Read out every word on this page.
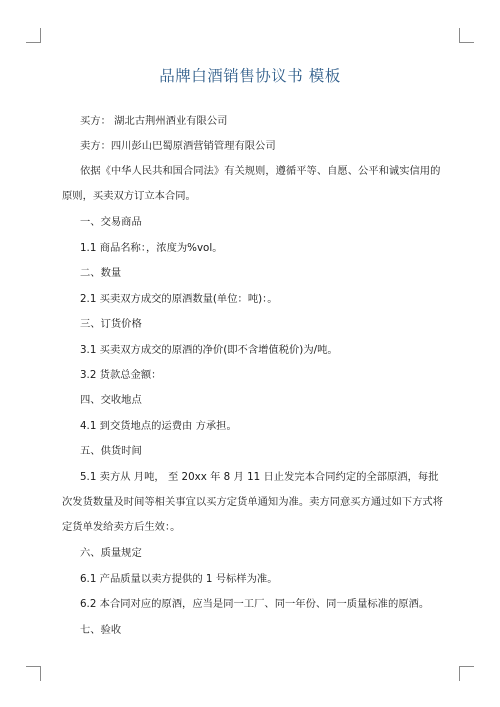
品牌白酒销售协议书 模板
买方： 湖北古荆州酒业有限公司
卖方：四川彭山巴蜀原酒营销管理有限公司
依据《中华人民共和国合同法》有关规则，遵循平等、自愿、公平和诚实信用的
原则，买卖双方订立本合同。
一、交易商品
1.1 商品名称：，浓度为%vol。
二、数量
2.1 买卖双方成交的原酒数量(单位：吨)：。
三、订货价格
3.1 买卖双方成交的原酒的净价(即不含增值税价)为/吨。
3.2 货款总金额：
四、交收地点
4.1 到交货地点的运费由 方承担。
五、供货时间
5.1 卖方从 月吨， 至 20xx 年 8 月 11 日止发完本合同约定的全部原酒，每批
次发货数量及时间等相关事宜以买方定货单通知为准。卖方同意买方通过如下方式将
定货单发给卖方后生效：。
六、质量规定
6.1 产品质量以卖方提供的 1 号标样为准。
6.2 本合同对应的原酒，应当是同一工厂、同一年份、同一质量标准的原酒。
七、验收
